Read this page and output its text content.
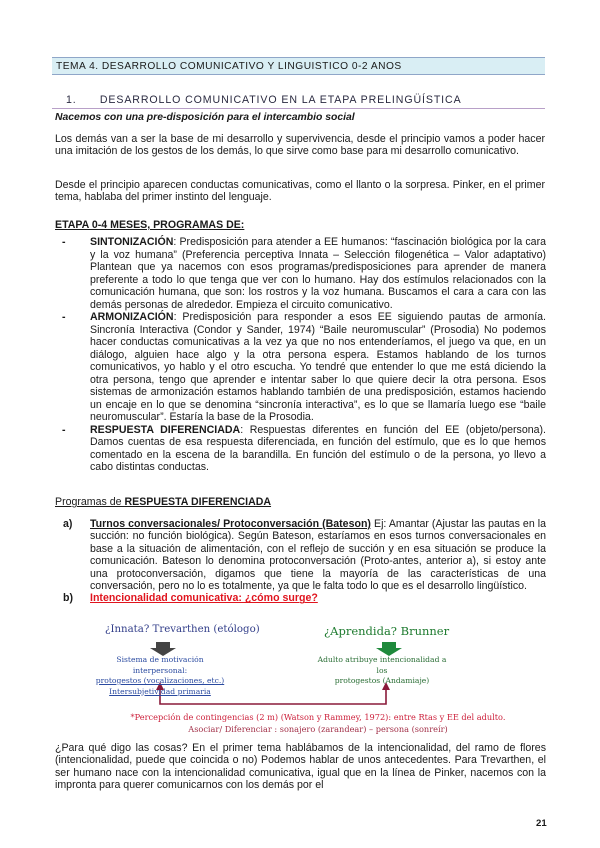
TEMA 4. DESARROLLO COMUNICATIVO Y LINGUISTICO 0-2 ANOS
1. DESARROLLO COMUNICATIVO EN LA ETAPA PRELINGÜÍSTICA
Nacemos con una pre-disposición para el intercambio social
Los demás van a ser la base de mi desarrollo y supervivencia, desde el principio vamos a poder hacer una imitación de los gestos de los demás, lo que sirve como base para mi desarrollo comunicativo.
Desde el principio aparecen conductas comunicativas, como el llanto o la sorpresa. Pinker, en el primer tema, hablaba del primer instinto del lenguaje.
ETAPA 0-4 MESES, PROGRAMAS DE:
- SINTONIZACIÓN: Predisposición para atender a EE humanos: “fascinación biológica por la cara y la voz humana” (Preferencia perceptiva Innata – Selección filogenética – Valor adaptativo) Plantean que ya nacemos con esos programas/predisposiciones para aprender de manera preferente a todo lo que tenga que ver con lo humano. Hay dos estímulos relacionados con la comunicación humana, que son: los rostros y la voz humana. Buscamos el cara a cara con las demás personas de alrededor. Empieza el circuito comunicativo.
- ARMONIZACIÓN: Predisposición para responder a esos EE siguiendo pautas de armonía. Sincronía Interactiva (Condor y Sander, 1974) “Baile neuromuscular” (Prosodia) No podemos hacer conductas comunicativas a la vez ya que no nos entenderíamos, el juego va que, en un diálogo, alguien hace algo y la otra persona espera. Estamos hablando de los turnos comunicativos, yo hablo y el otro escucha. Yo tendré que entender lo que me está diciendo la otra persona, tengo que aprender e intentar saber lo que quiere decir la otra persona. Esos sistemas de armonización estamos hablando también de una predisposición, estamos haciendo un encaje en lo que se denomina “sincronía interactiva”, es lo que se llamaría luego ese “baile neuromuscular”. Estaría la base de la Prosodia.
- RESPUESTA DIFERENCIADA: Respuestas diferentes en función del EE (objeto/persona). Damos cuentas de esa respuesta diferenciada, en función del estímulo, que es lo que hemos comentado en la escena de la barandilla. En función del estímulo o de la persona, yo llevo a cabo distintas conductas.
Programas de RESPUESTA DIFERENCIADA
a) Turnos conversacionales/ Protoconversación (Bateson) Ej: Amantar (Ajustar las pautas en la succión: no función biológica). Según Bateson, estaríamos en esos turnos conversacionales en base a la situación de alimentación, con el reflejo de succión y en esa situación se produce la comunicación. Bateson lo denomina protoconversación (Proto-antes, anterior a), si estoy ante una protoconversación, digamos que tiene la mayoría de las características de una conversación, pero no lo es totalmente, ya que le falta todo lo que es el desarrollo lingüístico.
b) Intencionalidad comunicativa: ¿cómo surge?
¿Innata? Trevarthen (etólogo)	¿Aprendida? Brunner
Sistema de motivación interpersonal:
protogestos (vocalizaciones, etc.)
Intersubjetividad primaria
Adulto atribuye intencionalidad a los
protogestos (Andamiaje)
*Percepción de contingencias (2 m) (Watson y Rammey, 1972): entre Rtas y EE del adulto.
Asociar/ Diferenciar : sonajero (zarandear) – persona (sonreír)
¿Para qué digo las cosas? En el primer tema hablábamos de la intencionalidad, del ramo de flores (intencionalidad, puede que coincida o no) Podemos hablar de unos antecedentes. Para Trevarthen, el ser humano nace con la intencionalidad comunicativa, igual que en la línea de Pinker, nacemos con la impronta para querer comunicarnos con los demás por el
21
